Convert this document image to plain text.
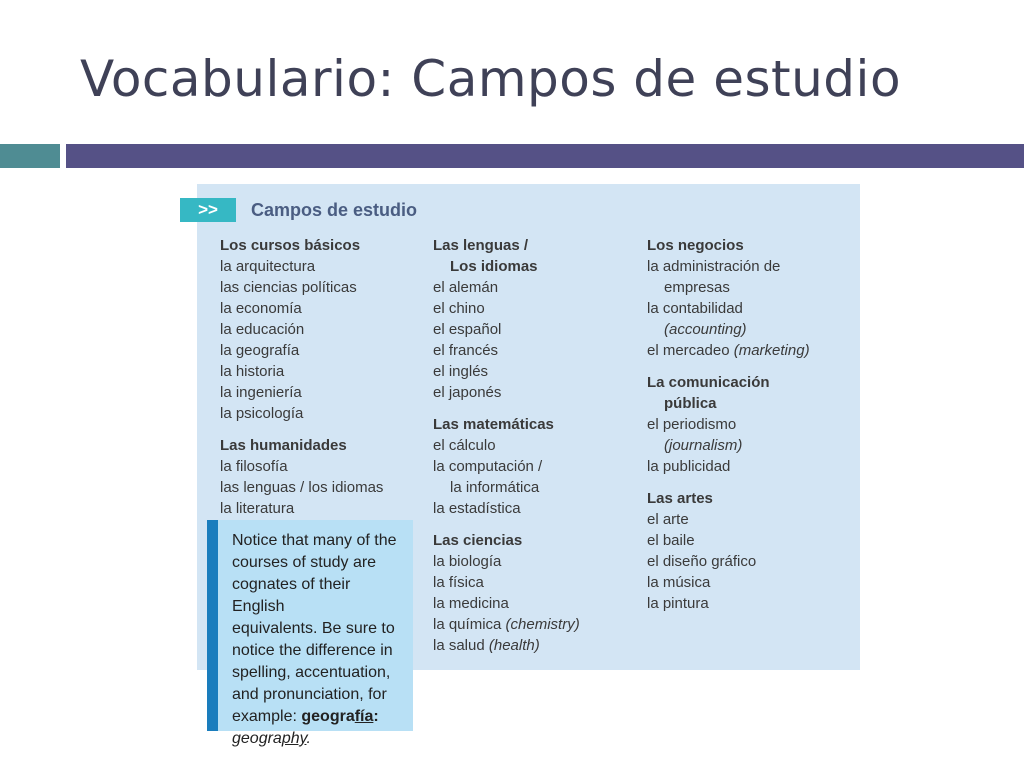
Vocabulario: Campos de estudio
>>	Campos de estudio
Los cursos básicos
la arquitectura
las ciencias políticas
la economía
la educación
la geografía
la historia
la ingeniería
la psicología
Las humanidades
la filosofía
las lenguas / los idiomas
la literatura
Las lenguas /
Los idiomas
el alemán
el chino
el español
el francés
el inglés
el japonés
Las matemáticas
el cálculo
la computación /
la informática
la estadística
Las ciencias
la biología
la física
la medicina
la química (chemistry)
la salud (health)
Los negocios
la administración de
empresas
la contabilidad
(accounting)
el mercadeo (marketing)
La comunicación
pública
el periodismo
(journalism)
la publicidad
Las artes
el arte
el baile
el diseño gráfico
la música
la pintura
Notice that many of the
courses of study are
cognates of their English
equivalents. Be sure to
notice the difference in
spelling, accentuation,
and pronunciation, for
example: geografía:
geography.
